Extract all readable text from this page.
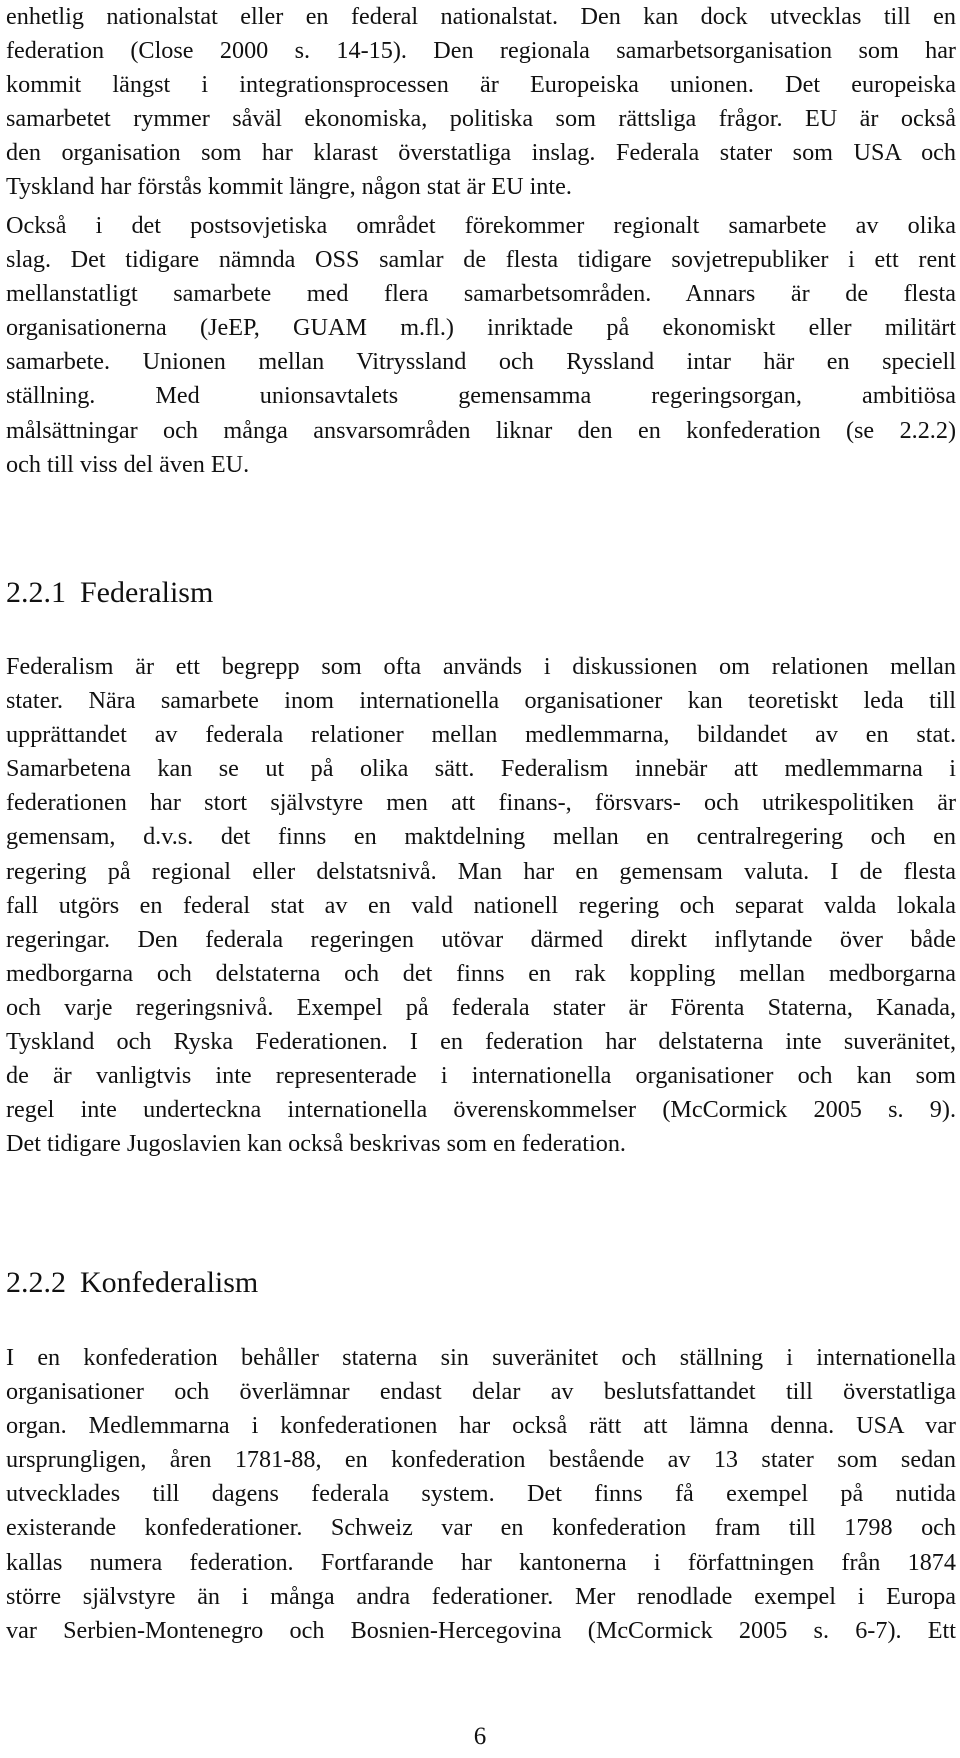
enhetlig nationalstat eller en federal nationalstat. Den kan dock utvecklas till en
federation (Close 2000 s. 14-15). Den regionala samarbetsorganisation som har
kommit längst i integrationsprocessen är Europeiska unionen. Det europeiska
samarbetet rymmer såväl ekonomiska, politiska som rättsliga frågor. EU är också
den organisation som har klarast överstatliga inslag. Federala stater som USA och
Tyskland har förstås kommit längre, någon stat är EU inte.
Också i det postsovjetiska området förekommer regionalt samarbete av olika
slag. Det tidigare nämnda OSS samlar de flesta tidigare sovjetrepubliker i ett rent
mellanstatligt samarbete med flera samarbetsområden. Annars är de flesta
organisationerna (JeEP, GUAM m.fl.) inriktade på ekonomiskt eller militärt
samarbete. Unionen mellan Vitryssland och Ryssland intar här en speciell
ställning. Med unionsavtalets gemensamma regeringsorgan, ambitiösa
målsättningar och många ansvarsområden liknar den en konfederation (se 2.2.2)
och till viss del även EU.
2.2.1 Federalism
Federalism är ett begrepp som ofta används i diskussionen om relationen mellan
stater. Nära samarbete inom internationella organisationer kan teoretiskt leda till
upprättandet av federala relationer mellan medlemmarna, bildandet av en stat.
Samarbetena kan se ut på olika sätt. Federalism innebär att medlemmarna i
federationen har stort självstyre men att finans-, försvars- och utrikespolitiken är
gemensam, d.v.s. det finns en maktdelning mellan en centralregering och en
regering på regional eller delstatsnivå. Man har en gemensam valuta. I de flesta
fall utgörs en federal stat av en vald nationell regering och separat valda lokala
regeringar. Den federala regeringen utövar därmed direkt inflytande över både
medborgarna och delstaterna och det finns en rak koppling mellan medborgarna
och varje regeringsnivå. Exempel på federala stater är Förenta Staterna, Kanada,
Tyskland och Ryska Federationen. I en federation har delstaterna inte suveränitet,
de är vanligtvis inte representerade i internationella organisationer och kan som
regel inte underteckna internationella överenskommelser (McCormick 2005 s. 9).
Det tidigare Jugoslavien kan också beskrivas som en federation.
2.2.2 Konfederalism
I en konfederation behåller staterna sin suveränitet och ställning i internationella
organisationer och överlämnar endast delar av beslutsfattandet till överstatliga
organ. Medlemmarna i konfederationen har också rätt att lämna denna. USA var
ursprungligen, åren 1781-88, en konfederation bestående av 13 stater som sedan
utvecklades till dagens federala system. Det finns få exempel på nutida
existerande konfederationer. Schweiz var en konfederation fram till 1798 och
kallas numera federation. Fortfarande har kantonerna i författningen från 1874
större självstyre än i många andra federationer. Mer renodlade exempel i Europa
var Serbien-Montenegro och Bosnien-Hercegovina (McCormick 2005 s. 6-7). Ett
6
